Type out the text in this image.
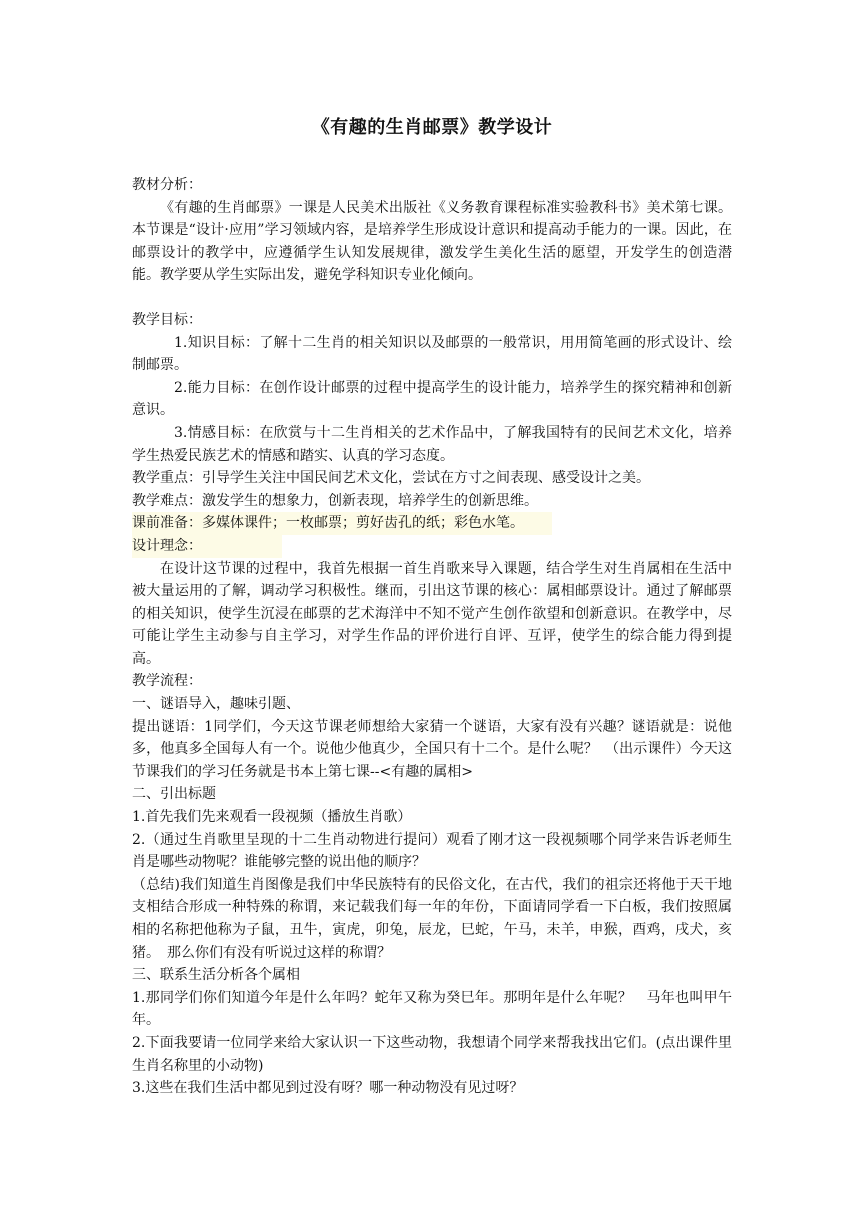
《有趣的生肖邮票》教学设计

教材分析：

《有趣的生肖邮票》一课是人民美术出版社《义务教育课程标准实验教科书》美术第七课。本节课是“设计·应用”学习领域内容，是培养学生形成设计意识和提高动手能力的一课。因此，在邮票设计的教学中，应遵循学生认知发展规律，激发学生美化生活的愿望，开发学生的创造潜能。教学要从学生实际出发，避免学科知识专业化倾向。

教学目标：

1.知识目标：了解十二生肖的相关知识以及邮票的一般常识，用用简笔画的形式设计、绘制邮票。

2.能力目标：在创作设计邮票的过程中提高学生的设计能力，培养学生的探究精神和创新意识。

3.情感目标：在欣赏与十二生肖相关的艺术作品中，了解我国特有的民间艺术文化，培养学生热爱民族艺术的情感和踏实、认真的学习态度。

教学重点：引导学生关注中国民间艺术文化，尝试在方寸之间表现、感受设计之美。

教学难点：激发学生的想象力，创新表现，培养学生的创新思维。

课前准备：多媒体课件；一枚邮票；剪好齿孔的纸；彩色水笔。

设计理念：

在设计这节课的过程中，我首先根据一首生肖歌来导入课题，结合学生对生肖属相在生活中被大量运用的了解，调动学习积极性。继而，引出这节课的核心：属相邮票设计。通过了解邮票的相关知识，使学生沉浸在邮票的艺术海洋中不知不觉产生创作欲望和创新意识。在教学中，尽可能让学生主动参与自主学习，对学生作品的评价进行自评、互评，使学生的综合能力得到提高。

教学流程：

一、谜语导入，趣味引题、

提出谜语：1同学们，今天这节课老师想给大家猜一个谜语，大家有没有兴趣？谜语就是：说他多，他真多全国每人有一个。说他少他真少，全国只有十二个。是什么呢？　（出示课件）今天这节课我们的学习任务就是书本上第七课--<有趣的属相>

二、引出标题

1.首先我们先来观看一段视频（播放生肖歌）

2.（通过生肖歌里呈现的十二生肖动物进行提问）观看了刚才这一段视频哪个同学来告诉老师生肖是哪些动物呢？谁能够完整的说出他的顺序？

（总结)我们知道生肖图像是我们中华民族特有的民俗文化，在古代，我们的祖宗还将他于天干地支相结合形成一种特殊的称谓，来记载我们每一年的年份，下面请同学看一下白板，我们按照属相的名称把他称为子鼠，丑牛，寅虎，卯兔，辰龙，巳蛇，午马，未羊，申猴，酉鸡，戌犬，亥猪。　那么你们有没有听说过这样的称谓？

三、联系生活分析各个属相

1.那同学们你们知道今年是什么年吗？蛇年又称为癸巳年。那明年是什么年呢？　马年也叫甲午年。

2.下面我要请一位同学来给大家认识一下这些动物，我想请个同学来帮我找出它们。(点出课件里生肖名称里的小动物)

3.这些在我们生活中都见到过没有呀？哪一种动物没有见过呀？
